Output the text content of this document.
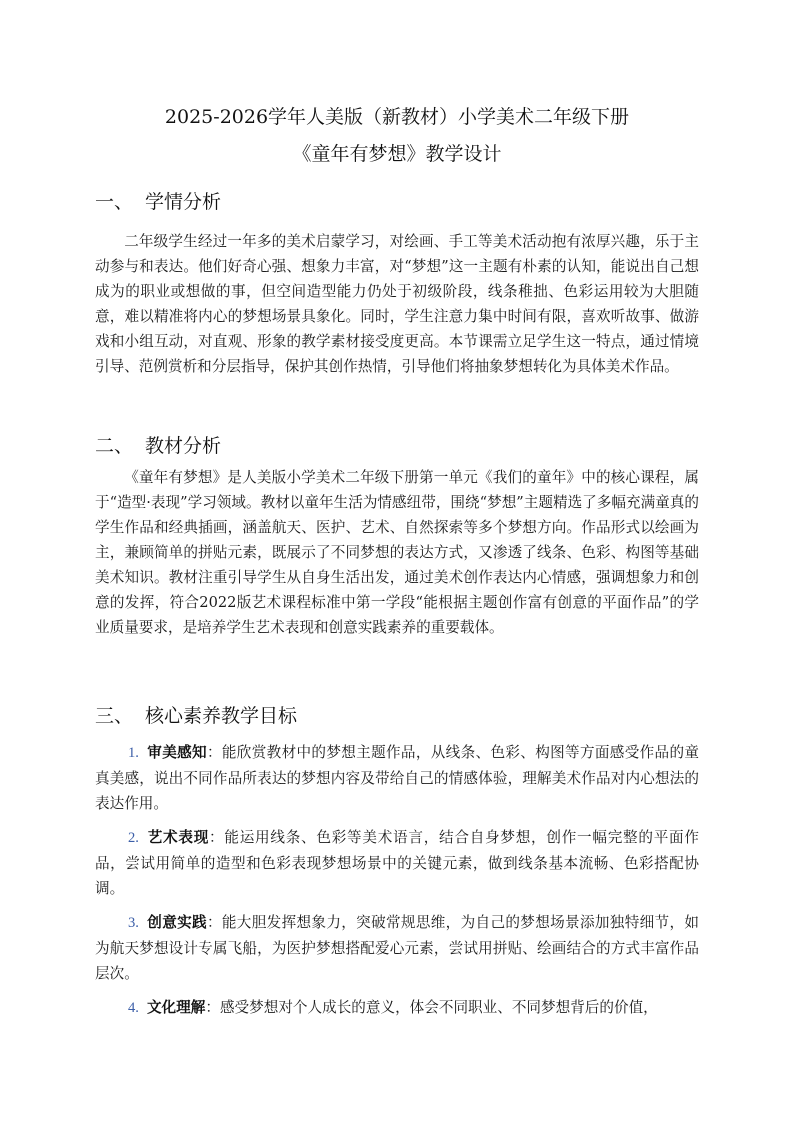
2025-2026学年人美版（新教材）小学美术二年级下册
《童年有梦想》教学设计
一、 学情分析
二年级学生经过一年多的美术启蒙学习，对绘画、手工等美术活动抱有浓厚兴趣，乐于主动参与和表达。他们好奇心强、想象力丰富，对“梦想”这一主题有朴素的认知，能说出自己想成为的职业或想做的事，但空间造型能力仍处于初级阶段，线条稚拙、色彩运用较为大胆随意，难以精准将内心的梦想场景具象化。同时，学生注意力集中时间有限，喜欢听故事、做游戏和小组互动，对直观、形象的教学素材接受度更高。本节课需立足学生这一特点，通过情境引导、范例赏析和分层指导，保护其创作热情，引导他们将抽象梦想转化为具体美术作品。
二、 教材分析
《童年有梦想》是人美版小学美术二年级下册第一单元《我们的童年》中的核心课程，属于“造型·表现”学习领域。教材以童年生活为情感纽带，围绕“梦想”主题精选了多幅充满童真的学生作品和经典插画，涵盖航天、医护、艺术、自然探索等多个梦想方向。作品形式以绘画为主，兼顾简单的拼贴元素，既展示了不同梦想的表达方式，又渗透了线条、色彩、构图等基础美术知识。教材注重引导学生从自身生活出发，通过美术创作表达内心情感，强调想象力和创意的发挥，符合2022版艺术课程标准中第一学段“能根据主题创作富有创意的平面作品”的学业质量要求，是培养学生艺术表现和创意实践素养的重要载体。
三、 核心素养教学目标
1. 审美感知：能欣赏教材中的梦想主题作品，从线条、色彩、构图等方面感受作品的童真美感，说出不同作品所表达的梦想内容及带给自己的情感体验，理解美术作品对内心想法的表达作用。
2. 艺术表现：能运用线条、色彩等美术语言，结合自身梦想，创作一幅完整的平面作品，尝试用简单的造型和色彩表现梦想场景中的关键元素，做到线条基本流畅、色彩搭配协调。
3. 创意实践：能大胆发挥想象力，突破常规思维，为自己的梦想场景添加独特细节，如为航天梦想设计专属飞船，为医护梦想搭配爱心元素，尝试用拼贴、绘画结合的方式丰富作品层次。
4. 文化理解：感受梦想对个人成长的意义，体会不同职业、不同梦想背后的价值，
